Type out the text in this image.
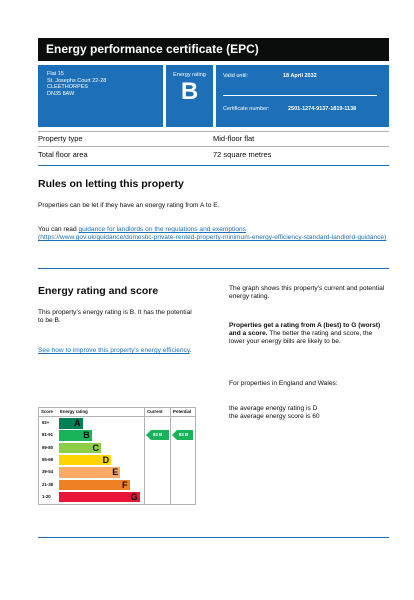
Energy performance certificate (EPC)
Flat 15
St. Josephs Court 22-28
CLEETHORPES
DN35 8AW
Energy rating
B
Valid until:	18 April 2032
Certificate number:	2501-1274-9137-1819-1138
Property type	Mid-floor flat
Total floor area	72 square metres
Rules on letting this property
Properties can be let if they have an energy rating from A to E.
You can read guidance for landlords on the regulations and exemptions
(https://www.gov.uk/guidance/domestic-private-rented-property-minimum-energy-efficiency-standard-landlord-guidance)
Energy rating and score
This property's energy rating is B. It has the potential to be B.
See how to improve this property's energy efficiency.
The graph shows this property's current and potential energy rating.
Properties get a rating from A (best) to G (worst) and a score. The better the rating and score, the lower your energy bills are likely to be.
For properties in England and Wales:
the average energy rating is D
the average energy score is 60
Score Energy rating	Current Potential
92+	A
81-91	B
69-80	C
55-68	D
39-54	E
21-38	F
1-20	G
83 B	83 B
